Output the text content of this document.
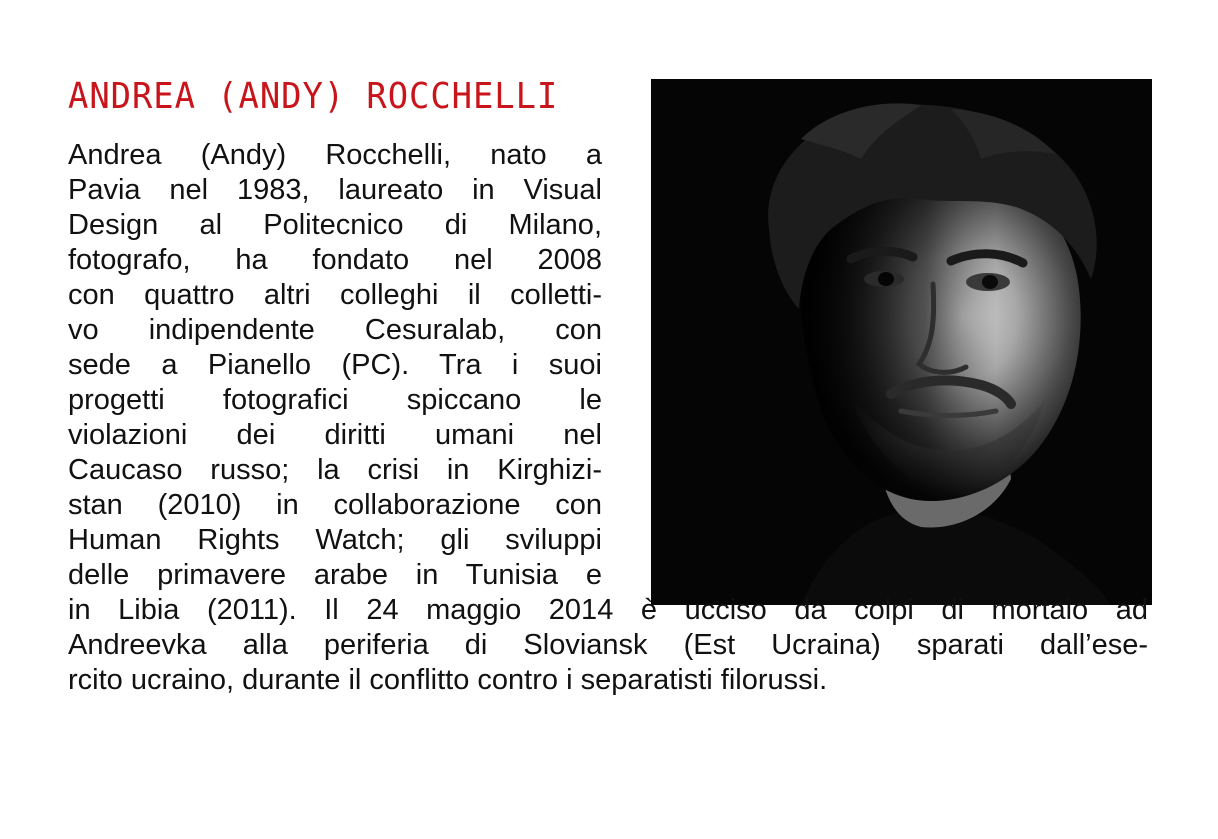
ANDREA (ANDY) ROCCHELLI
Andrea (Andy) Rocchelli, nato a
Pavia nel 1983, laureato in Visual
Design al Politecnico di Milano,
fotografo, ha fondato nel 2008
con quattro altri colleghi il colletti-
vo indipendente Cesuralab, con
sede a Pianello (PC). Tra i suoi
progetti fotografici spiccano le
violazioni dei diritti umani nel
Caucaso russo; la crisi in Kirghizi-
stan (2010) in collaborazione con
Human Rights Watch; gli sviluppi
delle primavere arabe in Tunisia e
in Libia (2011). Il 24 maggio 2014 è ucciso da colpi di mortaio ad
Andreevka alla periferia di Sloviansk (Est Ucraina) sparati dall’ese-
rcito ucraino, durante il conflitto contro i separatisti filorussi.
